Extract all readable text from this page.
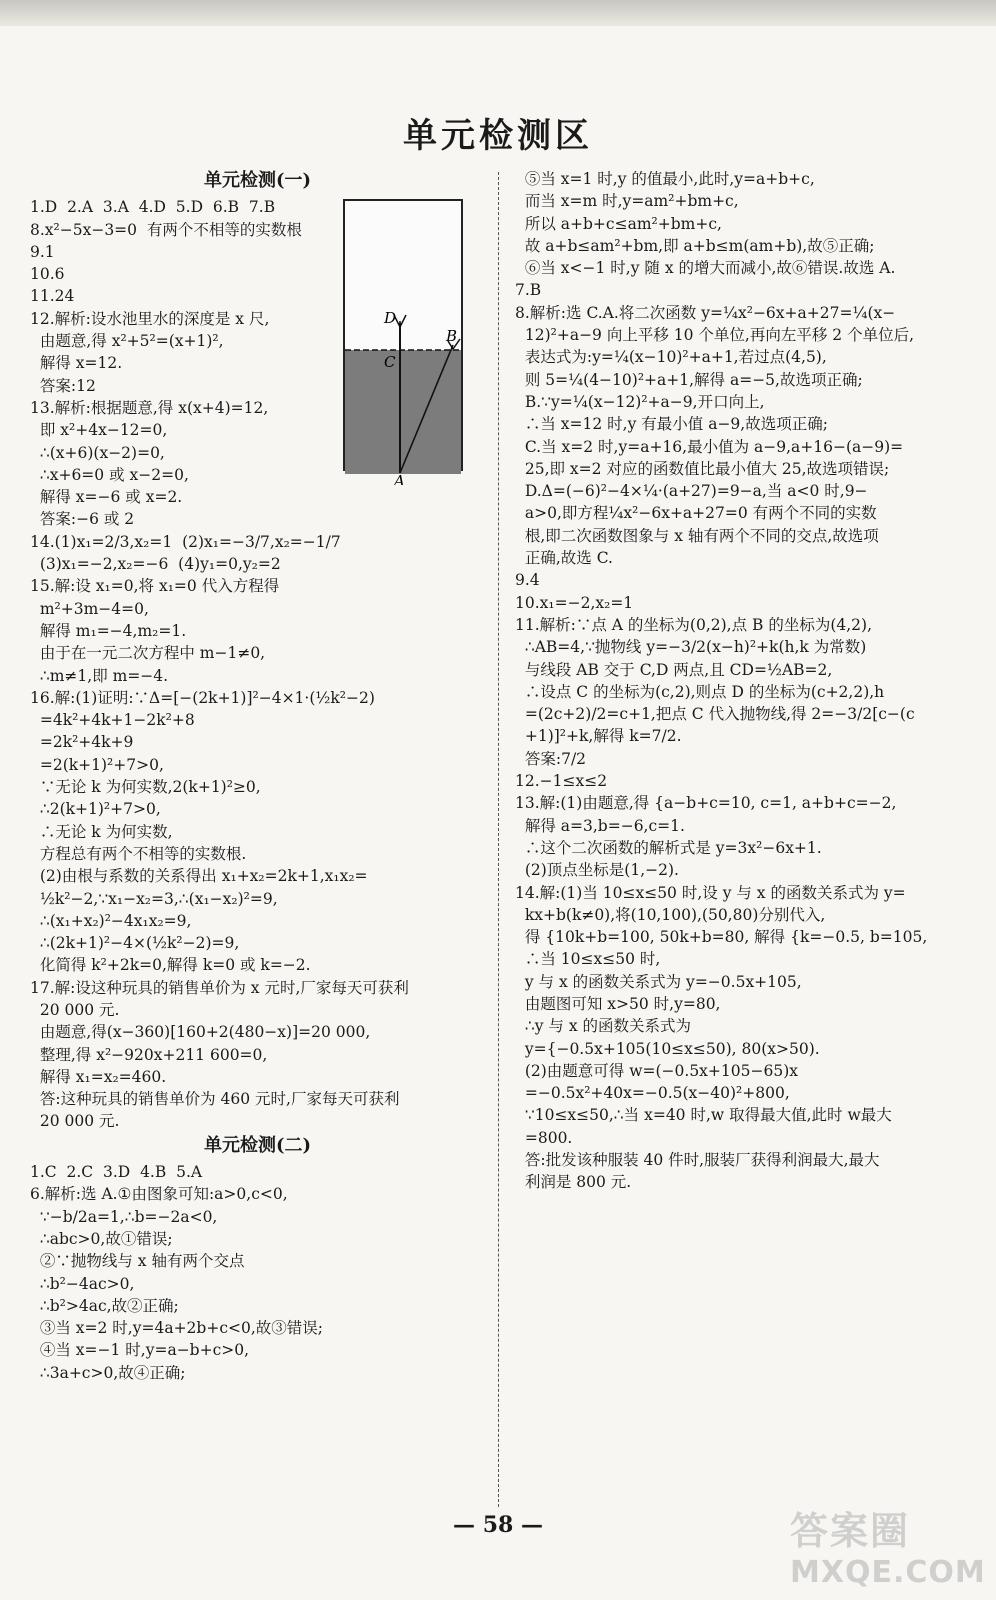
单元检测区
单元检测(一)
1.D  2.A  3.A  4.D  5.D  6.B  7.B
8.x²−5x−3=0  有两个不相等的实数根
9.1
10.6
11.24
12.解析:设水池里水的深度是 x 尺,
由题意,得 x²+5²=(x+1)²,
解得 x=12.
答案:12
13.解析:根据题意,得 x(x+4)=12,
即 x²+4x−12=0,
∴(x+6)(x−2)=0,
∴x+6=0 或 x−2=0,
解得 x=−6 或 x=2.
答案:−6 或 2
14.(1)x₁=2/3,x₂=1  (2)x₁=−3/7,x₂=−1/7
(3)x₁=−2,x₂=−6  (4)y₁=0,y₂=2
15.解:设 x₁=0,将 x₁=0 代入方程得
m²+3m−4=0,
解得 m₁=−4,m₂=1.
由于在一元二次方程中 m−1≠0,
∴m≠1,即 m=−4.
16.解:(1)证明:∵Δ=[−(2k+1)]²−4×1·(½k²−2)
=4k²+4k+1−2k²+8
=2k²+4k+9
=2(k+1)²+7>0,
∵无论 k 为何实数,2(k+1)²≥0,
∴2(k+1)²+7>0,
∴无论 k 为何实数,
方程总有两个不相等的实数根.
(2)由根与系数的关系得出 x₁+x₂=2k+1,x₁x₂=
½k²−2,∵x₁−x₂=3,∴(x₁−x₂)²=9,
∴(x₁+x₂)²−4x₁x₂=9,
∴(2k+1)²−4×(½k²−2)=9,
化简得 k²+2k=0,解得 k=0 或 k=−2.
17.解:设这种玩具的销售单价为 x 元时,厂家每天可获利
20 000 元.
由题意,得(x−360)[160+2(480−x)]=20 000,
整理,得 x²−920x+211 600=0,
解得 x₁=x₂=460.
答:这种玩具的销售单价为 460 元时,厂家每天可获利
20 000 元.
单元检测(二)
1.C  2.C  3.D  4.B  5.A
6.解析:选 A.①由图象可知:a>0,c<0,
∵−b/2a=1,∴b=−2a<0,
∴abc>0,故①错误;
②∵抛物线与 x 轴有两个交点
∴b²−4ac>0,
∴b²>4ac,故②正确;
③当 x=2 时,y=4a+2b+c<0,故③错误;
④当 x=−1 时,y=a−b+c>0,
∴3a+c>0,故④正确;
D
C
B
A
⑤当 x=1 时,y 的值最小,此时,y=a+b+c,
而当 x=m 时,y=am²+bm+c,
所以 a+b+c≤am²+bm+c,
故 a+b≤am²+bm,即 a+b≤m(am+b),故⑤正确;
⑥当 x<−1 时,y 随 x 的增大而减小,故⑥错误.故选 A.
7.B
8.解析:选 C.A.将二次函数 y=¼x²−6x+a+27=¼(x−
12)²+a−9 向上平移 10 个单位,再向左平移 2 个单位后,
表达式为:y=¼(x−10)²+a+1,若过点(4,5),
则 5=¼(4−10)²+a+1,解得 a=−5,故选项正确;
B.∵y=¼(x−12)²+a−9,开口向上,
∴当 x=12 时,y 有最小值 a−9,故选项正确;
C.当 x=2 时,y=a+16,最小值为 a−9,a+16−(a−9)=
25,即 x=2 对应的函数值比最小值大 25,故选项错误;
D.Δ=(−6)²−4×¼·(a+27)=9−a,当 a<0 时,9−
a>0,即方程¼x²−6x+a+27=0 有两个不同的实数
根,即二次函数图象与 x 轴有两个不同的交点,故选项
正确,故选 C.
9.4
10.x₁=−2,x₂=1
11.解析:∵点 A 的坐标为(0,2),点 B 的坐标为(4,2),
∴AB=4,∵抛物线 y=−3/2(x−h)²+k(h,k 为常数)
与线段 AB 交于 C,D 两点,且 CD=½AB=2,
∴设点 C 的坐标为(c,2),则点 D 的坐标为(c+2,2),h
=(2c+2)/2=c+1,把点 C 代入抛物线,得 2=−3/2[c−(c
+1)]²+k,解得 k=7/2.
答案:7/2
12.−1≤x≤2
13.解:(1)由题意,得 {a−b+c=10, c=1, a+b+c=−2,
解得 a=3,b=−6,c=1.
∴这个二次函数的解析式是 y=3x²−6x+1.
(2)顶点坐标是(1,−2).
14.解:(1)当 10≤x≤50 时,设 y 与 x 的函数关系式为 y=
kx+b(k≠0),将(10,100),(50,80)分别代入,
得 {10k+b=100, 50k+b=80, 解得 {k=−0.5, b=105,
∴当 10≤x≤50 时,
y 与 x 的函数关系式为 y=−0.5x+105,
由题图可知 x>50 时,y=80,
∴y 与 x 的函数关系式为
y={−0.5x+105(10≤x≤50), 80(x>50).
(2)由题意可得 w=(−0.5x+105−65)x
=−0.5x²+40x=−0.5(x−40)²+800,
∵10≤x≤50,∴当 x=40 时,w 取得最大值,此时 w最大
=800.
答:批发该种服装 40 件时,服装厂获得利润最大,最大
利润是 800 元.
— 58 —	答案圈
MXQE.COM
